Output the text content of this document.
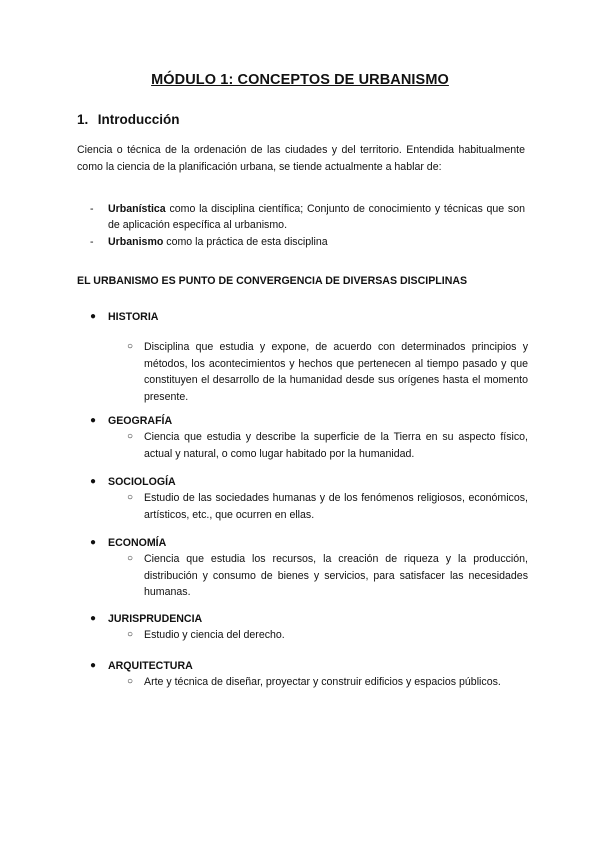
MÓDULO 1: CONCEPTOS DE URBANISMO
1. Introducción

Ciencia o técnica de la ordenación de las ciudades y del territorio. Entendida habitualmente como la ciencia de la planificación urbana, se tiende actualmente a hablar de:

- Urbanística como la disciplina científica; Conjunto de conocimiento y técnicas que son de aplicación específica al urbanismo.
- Urbanismo como la práctica de esta disciplina
EL URBANISMO ES PUNTO DE CONVERGENCIA DE DIVERSAS DISCIPLINAS
● HISTORIA
○ Disciplina que estudia y expone, de acuerdo con determinados principios y métodos, los acontecimientos y hechos que pertenecen al tiempo pasado y que constituyen el desarrollo de la humanidad desde sus orígenes hasta el momento presente.
● GEOGRAFÍA
○ Ciencia que estudia y describe la superficie de la Tierra en su aspecto físico, actual y natural, o como lugar habitado por la humanidad.
● SOCIOLOGÍA
○ Estudio de las sociedades humanas y de los fenómenos religiosos, económicos, artísticos, etc., que ocurren en ellas.
● ECONOMÍA
○ Ciencia que estudia los recursos, la creación de riqueza y la producción, distribución y consumo de bienes y servicios, para satisfacer las necesidades humanas.
● JURISPRUDENCIA
○ Estudio y ciencia del derecho.
● ARQUITECTURA
○ Arte y técnica de diseñar, proyectar y construir edificios y espacios públicos.
